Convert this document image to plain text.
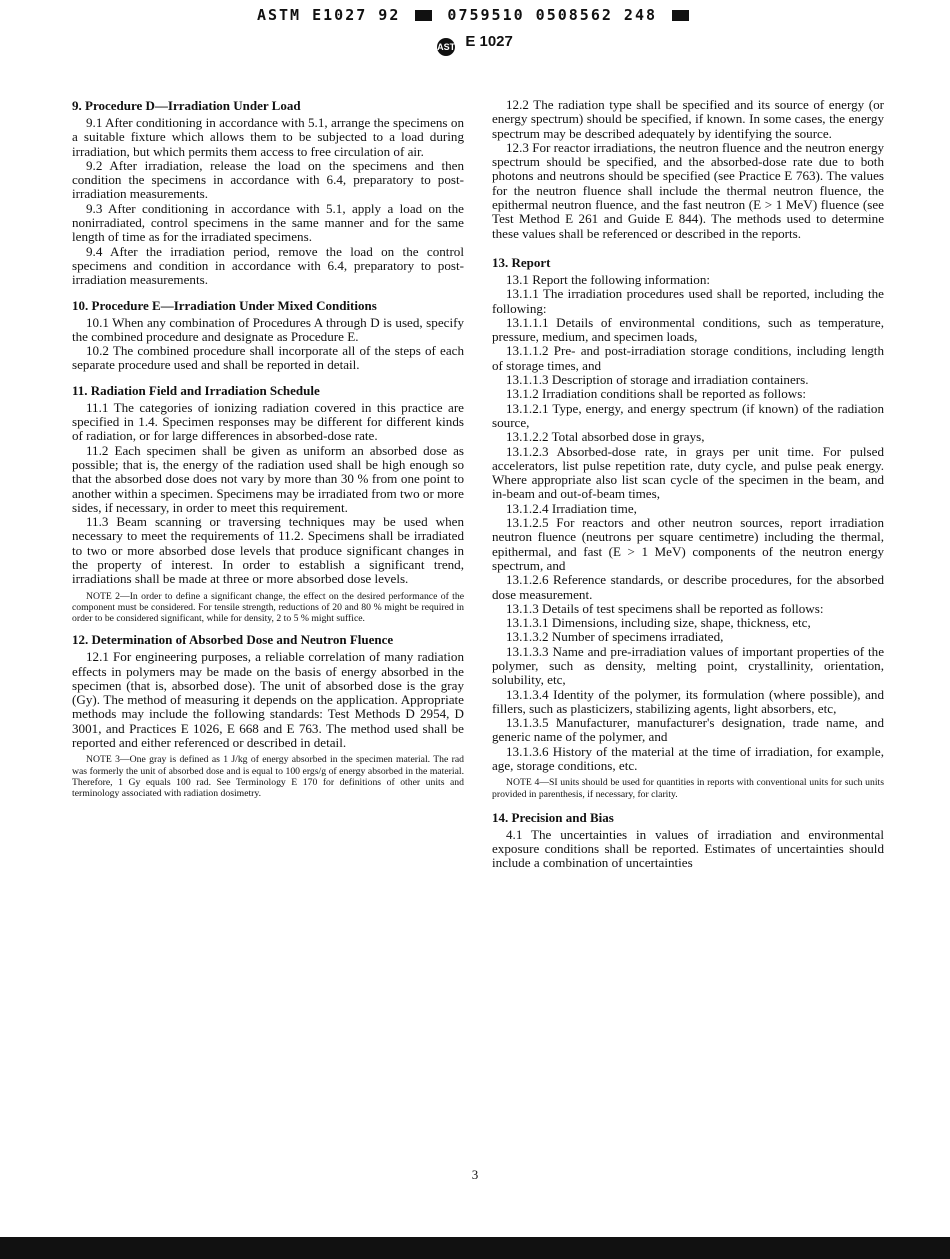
ASTM E1027 92	0759510 0508562 248
ASTM E 1027
9. Procedure D—Irradiation Under Load

9.1 After conditioning in accordance with 5.1, arrange the specimens on a suitable fixture which allows them to be subjected to a load during irradiation, but which permits them access to free circulation of air.

9.2 After irradiation, release the load on the specimens and then condition the specimens in accordance with 6.4, preparatory to post-irradiation measurements.

9.3 After conditioning in accordance with 5.1, apply a load on the nonirradiated, control specimens in the same manner and for the same length of time as for the irradiated specimens.

9.4 After the irradiation period, remove the load on the control specimens and condition in accordance with 6.4, preparatory to post-irradiation measurements.

10. Procedure E—Irradiation Under Mixed Conditions

10.1 When any combination of Procedures A through D is used, specify the combined procedure and designate as Procedure E.

10.2 The combined procedure shall incorporate all of the steps of each separate procedure used and shall be reported in detail.

11. Radiation Field and Irradiation Schedule

11.1 The categories of ionizing radiation covered in this practice are specified in 1.4. Specimen responses may be different for different kinds of radiation, or for large differences in absorbed-dose rate.

11.2 Each specimen shall be given as uniform an absorbed dose as possible; that is, the energy of the radiation used shall be high enough so that the absorbed dose does not vary by more than 30 % from one point to another within a specimen. Specimens may be irradiated from two or more sides, if necessary, in order to meet this requirement.

11.3 Beam scanning or traversing techniques may be used when necessary to meet the requirements of 11.2. Specimens shall be irradiated to two or more absorbed dose levels that produce significant changes in the property of interest. In order to establish a significant trend, irradiations shall be made at three or more absorbed dose levels.

NOTE 2—In order to define a significant change, the effect on the desired performance of the component must be considered. For tensile strength, reductions of 20 and 80 % might be required in order to be considered significant, while for density, 2 to 5 % might suffice.

12. Determination of Absorbed Dose and Neutron Fluence

12.1 For engineering purposes, a reliable correlation of many radiation effects in polymers may be made on the basis of energy absorbed in the specimen (that is, absorbed dose). The unit of absorbed dose is the gray (Gy). The method of measuring it depends on the application. Appropriate methods may include the following standards: Test Methods D 2954, D 3001, and Practices E 1026, E 668 and E 763. The method used shall be reported and either referenced or described in detail.

NOTE 3—One gray is defined as 1 J/kg of energy absorbed in the specimen material. The rad was formerly the unit of absorbed dose and is equal to 100 ergs/g of energy absorbed in the material. Therefore, 1 Gy equals 100 rad. See Terminology E 170 for definitions of other units and terminology associated with radiation dosimetry.

12.2 The radiation type shall be specified and its source of energy (or energy spectrum) should be specified, if known. In some cases, the energy spectrum may be described adequately by identifying the source.

12.3 For reactor irradiations, the neutron fluence and the neutron energy spectrum should be specified, and the absorbed-dose rate due to both photons and neutrons should be specified (see Practice E 763). The values for the neutron fluence shall include the thermal neutron fluence, the epithermal neutron fluence, and the fast neutron (E > 1 MeV) fluence (see Test Method E 261 and Guide E 844). The methods used to determine these values shall be referenced or described in the reports.

13. Report

13.1 Report the following information:

13.1.1 The irradiation procedures used shall be reported, including the following:

13.1.1.1 Details of environmental conditions, such as temperature, pressure, medium, and specimen loads,

13.1.1.2 Pre- and post-irradiation storage conditions, including length of storage times, and

13.1.1.3 Description of storage and irradiation containers.

13.1.2 Irradiation conditions shall be reported as follows:

13.1.2.1 Type, energy, and energy spectrum (if known) of the radiation source,

13.1.2.2 Total absorbed dose in grays,

13.1.2.3 Absorbed-dose rate, in grays per unit time. For pulsed accelerators, list pulse repetition rate, duty cycle, and pulse peak energy. Where appropriate also list scan cycle of the specimen in the beam, and in-beam and out-of-beam times,

13.1.2.4 Irradiation time,

13.1.2.5 For reactors and other neutron sources, report irradiation neutron fluence (neutrons per square centimetre) including the thermal, epithermal, and fast (E > 1 MeV) components of the neutron energy spectrum, and

13.1.2.6 Reference standards, or describe procedures, for the absorbed dose measurement.

13.1.3 Details of test specimens shall be reported as follows:

13.1.3.1 Dimensions, including size, shape, thickness, etc,

13.1.3.2 Number of specimens irradiated,

13.1.3.3 Name and pre-irradiation values of important properties of the polymer, such as density, melting point, crystallinity, orientation, solubility, etc,

13.1.3.4 Identity of the polymer, its formulation (where possible), and fillers, such as plasticizers, stabilizing agents, light absorbers, etc,

13.1.3.5 Manufacturer, manufacturer's designation, trade name, and generic name of the polymer, and

13.1.3.6 History of the material at the time of irradiation, for example, age, storage conditions, etc.

NOTE 4—SI units should be used for quantities in reports with conventional units for such units provided in parenthesis, if necessary, for clarity.

14. Precision and Bias

4.1 The uncertainties in values of irradiation and environmental exposure conditions shall be reported. Estimates of uncertainties should include a combination of uncertainties

3
